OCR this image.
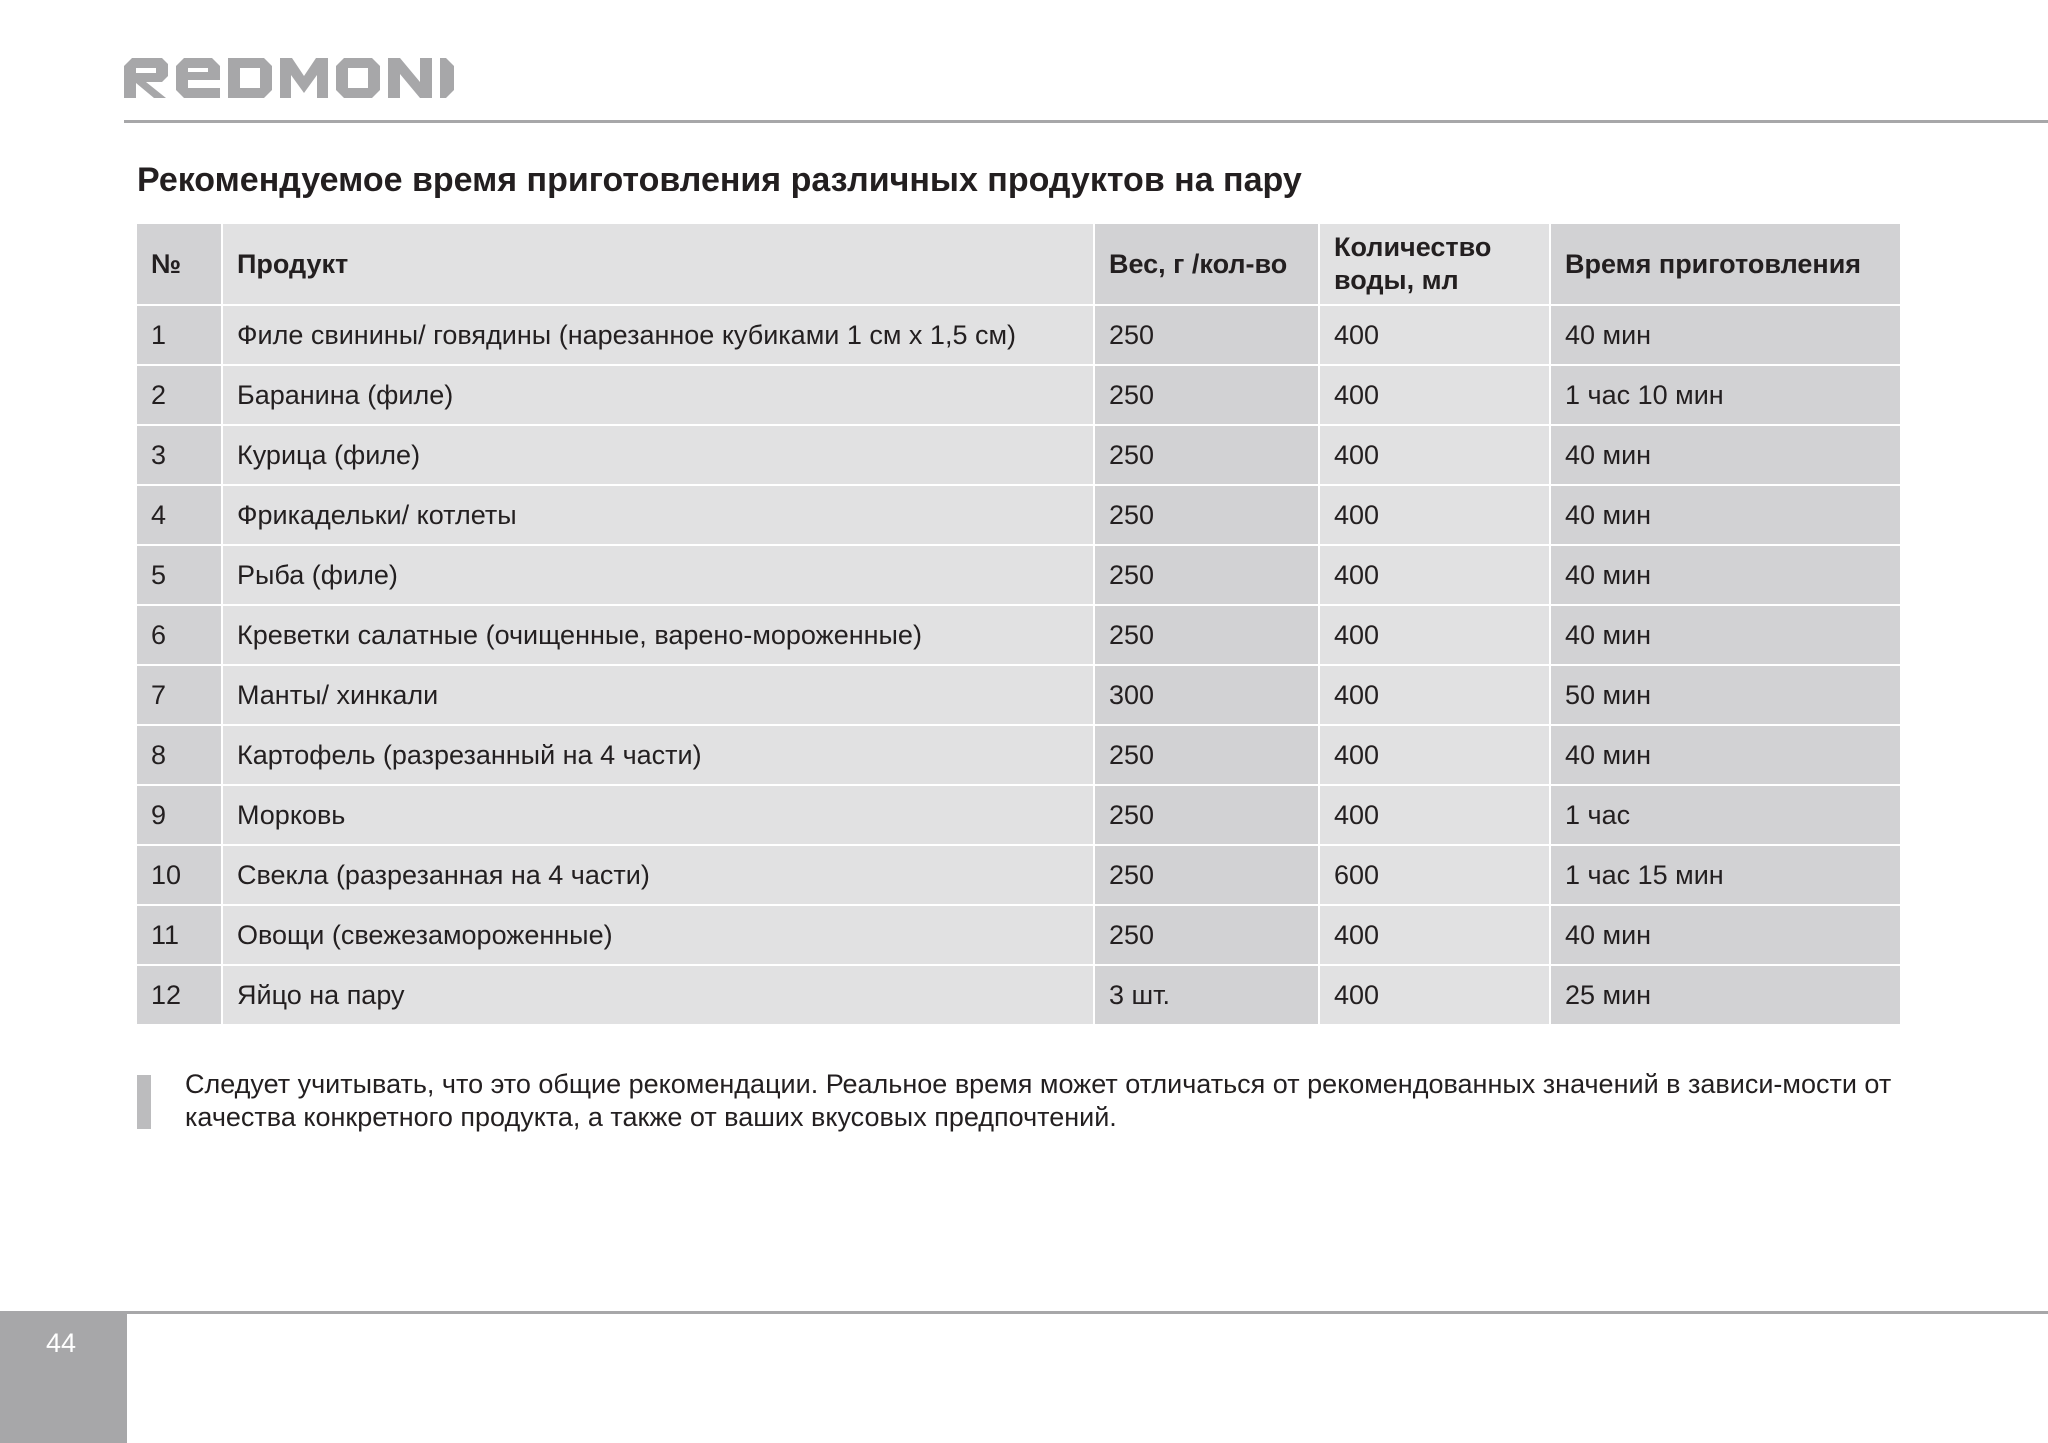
Рекомендуемое время приготовления различных продуктов на пару
№	Продукт	Вес, г /кол-во	Количество воды, мл	Время приготовления
1	Филе свинины/ говядины (нарезанное кубиками 1 см х 1,5 см)	250	400	40 мин
2	Баранина (филе)	250	400	1 час 10 мин
3	Курица (филе)	250	400	40 мин
4	Фрикадельки/ котлеты	250	400	40 мин
5	Рыба (филе)	250	400	40 мин
6	Креветки салатные (очищенные, варено-мороженные)	250	400	40 мин
7	Манты/ хинкали	300	400	50 мин
8	Картофель (разрезанный на 4 части)	250	400	40 мин
9	Морковь	250	400	1 час
10	Свекла (разрезанная на 4 части)	250	600	1 час 15 мин
11	Овощи (свежезамороженные)	250	400	40 мин
12	Яйцо на пару	3 шт.	400	25 мин

Следует учитывать, что это общие рекомендации. Реальное время может отличаться от рекомендованных значений в зависи-мости от качества конкретного продукта, а также от ваших вкусовых предпочтений.

44
